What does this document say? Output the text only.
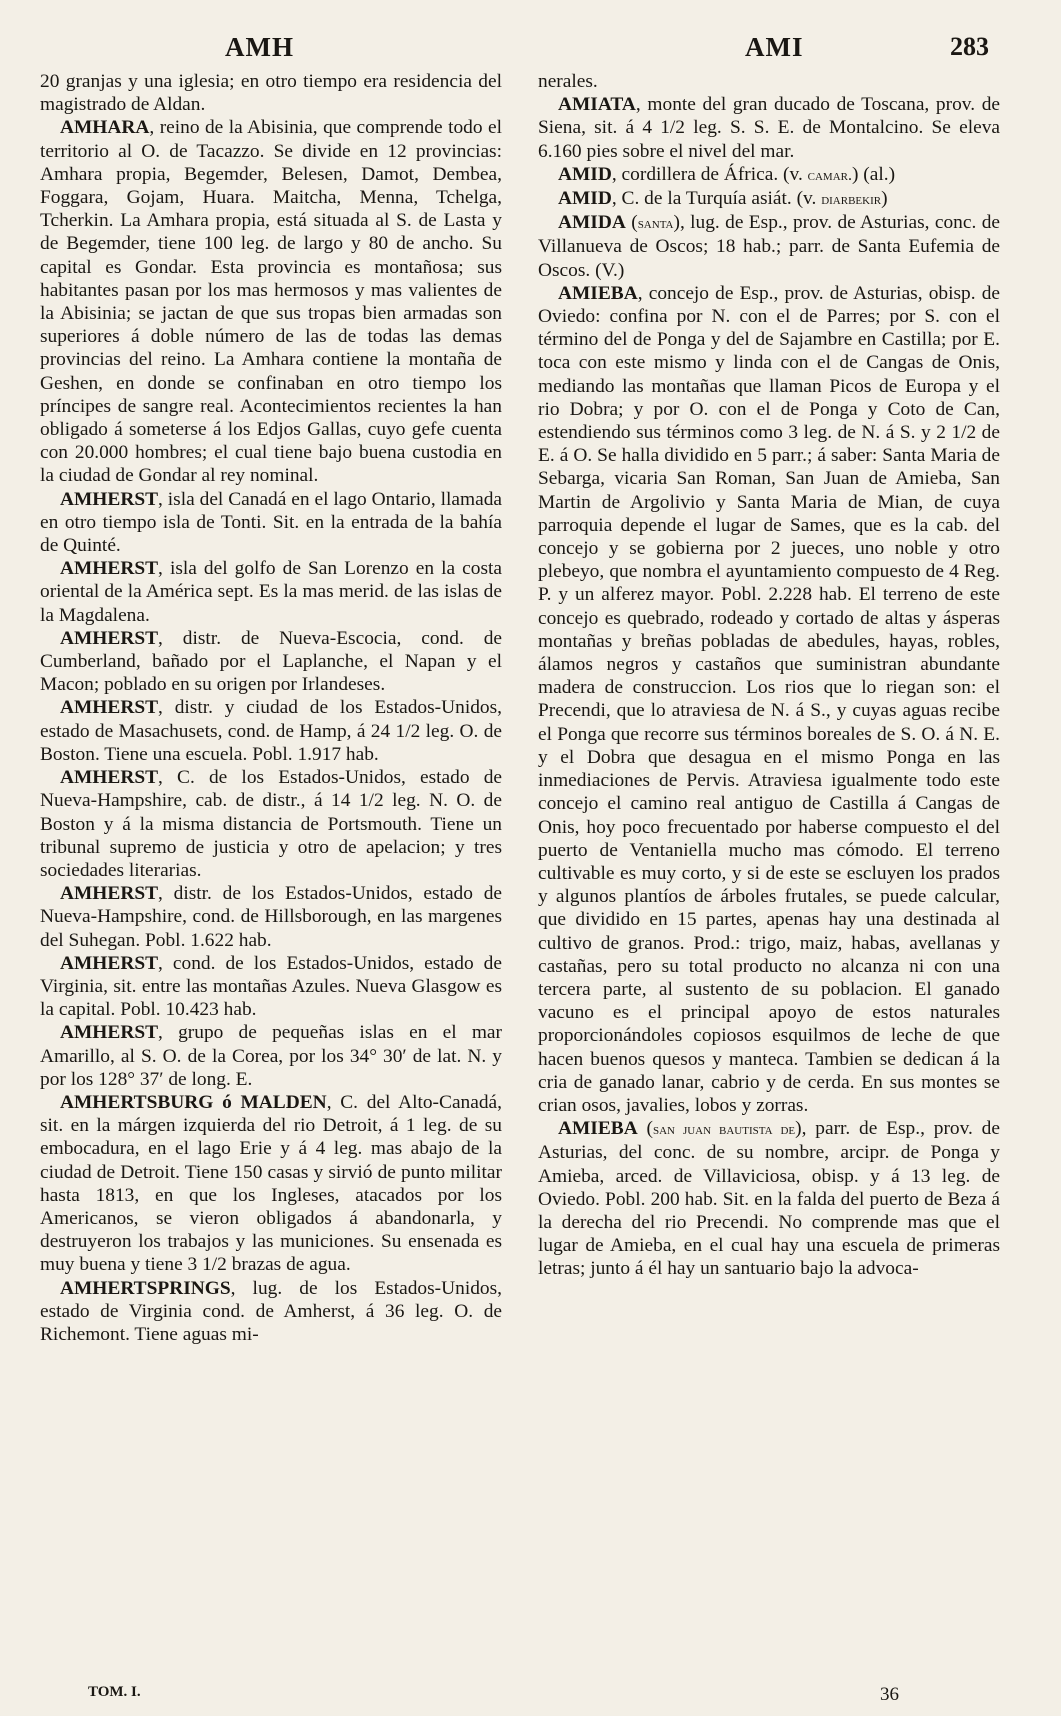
AMH	AMI	283

20 granjas y una iglesia; en otro tiempo era residencia del magistrado de Aldan.

AMHARA, reino de la Abisinia, que comprende todo el territorio al O. de Tacazzo. Se divide en 12 provincias: Amhara propia, Begemder, Belesen, Damot, Dembea, Foggara, Gojam, Huara. Maitcha, Menna, Tchelga, Tcherkin. La Amhara propia, está situada al S. de Lasta y de Begemder, tiene 100 leg. de largo y 80 de ancho. Su capital es Gondar. Esta provincia es montañosa; sus habitantes pasan por los mas hermosos y mas valientes de la Abisinia; se jactan de que sus tropas bien armadas son superiores á doble número de las de todas las demas provincias del reino. La Amhara contiene la montaña de Geshen, en donde se confinaban en otro tiempo los príncipes de sangre real. Acontecimientos recientes la han obligado á someterse á los Edjos Gallas, cuyo gefe cuenta con 20.000 hombres; el cual tiene bajo buena custodia en la ciudad de Gondar al rey nominal.

AMHERST, isla del Canadá en el lago Ontario, llamada en otro tiempo isla de Tonti. Sit. en la entrada de la bahía de Quinté.

AMHERST, isla del golfo de San Lorenzo en la costa oriental de la América sept. Es la mas merid. de las islas de la Magdalena.

AMHERST, distr. de Nueva-Escocia, cond. de Cumberland, bañado por el Laplanche, el Napan y el Macon; poblado en su origen por Irlandeses.

AMHERST, distr. y ciudad de los Estados-Unidos, estado de Masachusets, cond. de Hamp, á 24 1/2 leg. O. de Boston. Tiene una escuela. Pobl. 1.917 hab.

AMHERST, C. de los Estados-Unidos, estado de Nueva-Hampshire, cab. de distr., á 14 1/2 leg. N. O. de Boston y á la misma distancia de Portsmouth. Tiene un tribunal supremo de justicia y otro de apelacion; y tres sociedades literarias.

AMHERST, distr. de los Estados-Unidos, estado de Nueva-Hampshire, cond. de Hillsborough, en las margenes del Suhegan. Pobl. 1.622 hab.

AMHERST, cond. de los Estados-Unidos, estado de Virginia, sit. entre las montañas Azules. Nueva Glasgow es la capital. Pobl. 10.423 hab.

AMHERST, grupo de pequeñas islas en el mar Amarillo, al S. O. de la Corea, por los 34° 30′ de lat. N. y por los 128° 37′ de long. E.

AMHERTSBURG ó MALDEN, C. del Alto-Canadá, sit. en la márgen izquierda del rio Detroit, á 1 leg. de su embocadura, en el lago Erie y á 4 leg. mas abajo de la ciudad de Detroit. Tiene 150 casas y sirvió de punto militar hasta 1813, en que los Ingleses, atacados por los Americanos, se vieron obligados á abandonarla, y destruyeron los trabajos y las municiones. Su ensenada es muy buena y tiene 3 1/2 brazas de agua.

AMHERTSPRINGS, lug. de los Estados-Unidos, estado de Virginia cond. de Amherst, á 36 leg. O. de Richemont. Tiene aguas mi-

nerales.

AMIATA, monte del gran ducado de Toscana, prov. de Siena, sit. á 4 1/2 leg. S. S. E. de Montalcino. Se eleva 6.160 pies sobre el nivel del mar.

AMID, cordillera de África. (v. camar.) (al.)

AMID, C. de la Turquía asiát. (v. diarbekir)

AMIDA (santa), lug. de Esp., prov. de Asturias, conc. de Villanueva de Oscos; 18 hab.; parr. de Santa Eufemia de Oscos. (V.)

AMIEBA, concejo de Esp., prov. de Asturias, obisp. de Oviedo: confina por N. con el de Parres; por S. con el término del de Ponga y del de Sajambre en Castilla; por E. toca con este mismo y linda con el de Cangas de Onis, mediando las montañas que llaman Picos de Europa y el rio Dobra; y por O. con el de Ponga y Coto de Can, estendiendo sus términos como 3 leg. de N. á S. y 2 1/2 de E. á O. Se halla dividido en 5 parr.; á saber: Santa Maria de Sebarga, vicaria San Roman, San Juan de Amieba, San Martin de Argolivio y Santa Maria de Mian, de cuya parroquia depende el lugar de Sames, que es la cab. del concejo y se gobierna por 2 jueces, uno noble y otro plebeyo, que nombra el ayuntamiento compuesto de 4 Reg. P. y un alferez mayor. Pobl. 2.228 hab. El terreno de este concejo es quebrado, rodeado y cortado de altas y ásperas montañas y breñas pobladas de abedules, hayas, robles, álamos negros y castaños que suministran abundante madera de construccion. Los rios que lo riegan son: el Precendi, que lo atraviesa de N. á S., y cuyas aguas recibe el Ponga que recorre sus términos boreales de S. O. á N. E. y el Dobra que desagua en el mismo Ponga en las inmediaciones de Pervis. Atraviesa igualmente todo este concejo el camino real antiguo de Castilla á Cangas de Onis, hoy poco frecuentado por haberse compuesto el del puerto de Ventaniella mucho mas cómodo. El terreno cultivable es muy corto, y si de este se escluyen los prados y algunos plantíos de árboles frutales, se puede calcular, que dividido en 15 partes, apenas hay una destinada al cultivo de granos. Prod.: trigo, maiz, habas, avellanas y castañas, pero su total producto no alcanza ni con una tercera parte, al sustento de su poblacion. El ganado vacuno es el principal apoyo de estos naturales proporcionándoles copiosos esquilmos de leche de que hacen buenos quesos y manteca. Tambien se dedican á la cria de ganado lanar, cabrio y de cerda. En sus montes se crian osos, javalies, lobos y zorras.

AMIEBA (san juan bautista de), parr. de Esp., prov. de Asturias, del conc. de su nombre, arcipr. de Ponga y Amieba, arced. de Villaviciosa, obisp. y á 13 leg. de Oviedo. Pobl. 200 hab. Sit. en la falda del puerto de Beza á la derecha del rio Precendi. No comprende mas que el lugar de Amieba, en el cual hay una escuela de primeras letras; junto á él hay un santuario bajo la advoca-

TOM. I.	36
